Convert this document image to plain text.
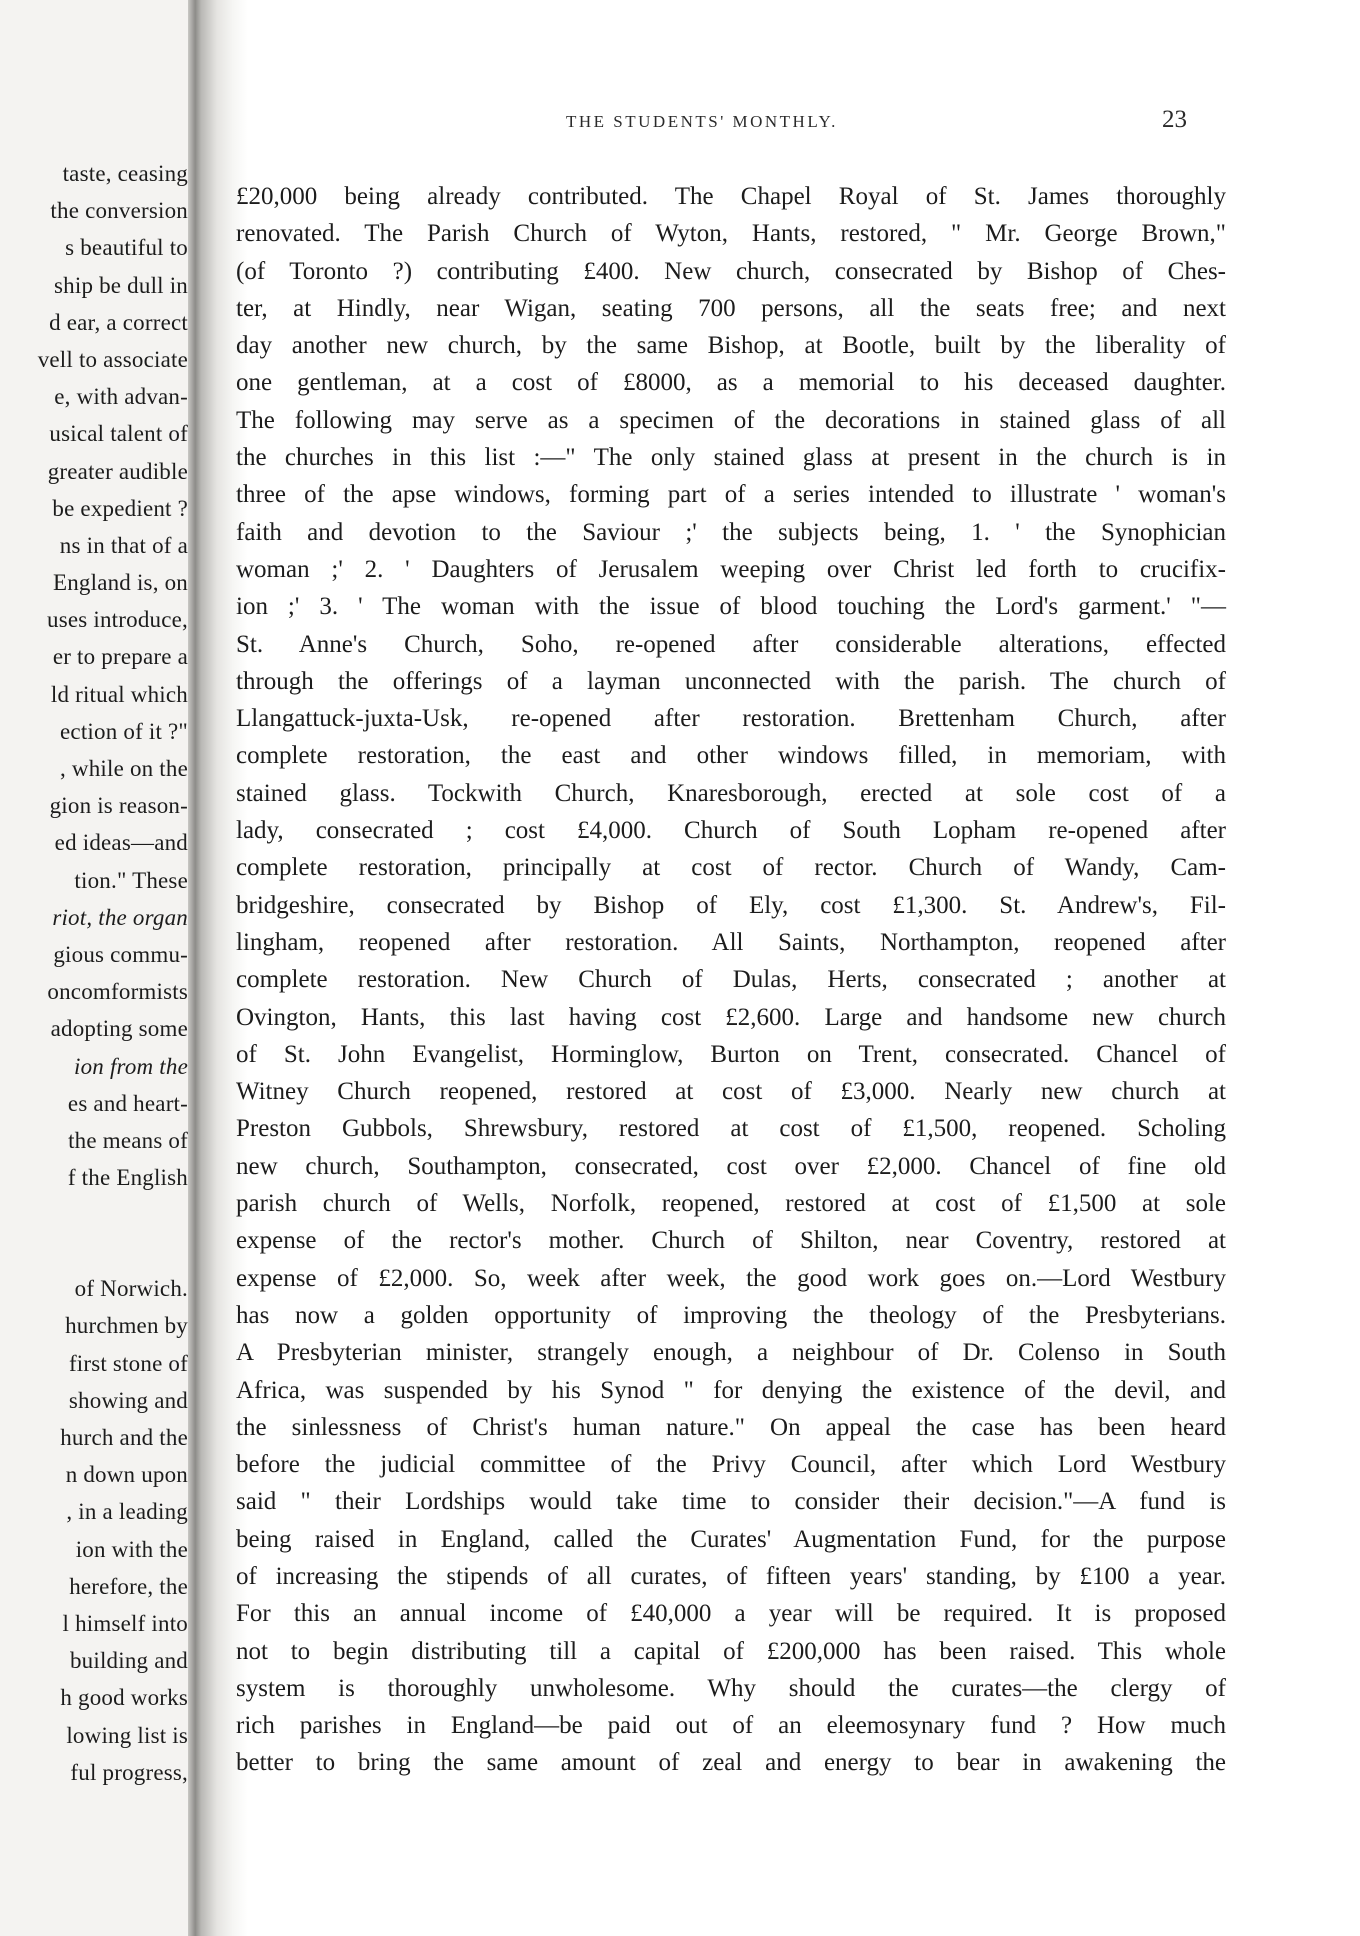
taste, ceasing
the conversion
s beautiful to
ship be dull in
d ear, a correct
vell to associate
e, with advan-
usical talent of
greater audible
be expedient ?
ns in that of a
England is, on
uses introduce,
er to prepare a
ld ritual which
ection of it ?"
, while on the
gion is reason-
ed ideas—and
tion." These
riot, the organ
gious commu-
oncomformists
adopting some
ion from the
es and heart-
the means of
f the English
of Norwich.
hurchmen by
first stone of
showing and
hurch and the
n down upon
, in a leading
ion with the
herefore, the
l himself into
building and
h good works
lowing list is
ful progress,
THE STUDENTS' MONTHLY.	23
£20,000 being already contributed. The Chapel Royal of St. James thoroughly
renovated. The Parish Church of Wyton, Hants, restored, " Mr. George Brown,"
(of Toronto ?) contributing £400. New church, consecrated by Bishop of Ches-
ter, at Hindly, near Wigan, seating 700 persons, all the seats free; and next
day another new church, by the same Bishop, at Bootle, built by the liberality of
one gentleman, at a cost of £8000, as a memorial to his deceased daughter.
The following may serve as a specimen of the decorations in stained glass of all
the churches in this list :—" The only stained glass at present in the church is in
three of the apse windows, forming part of a series intended to illustrate ' woman's
faith and devotion to the Saviour ;' the subjects being, 1. ' the Synophician
woman ;' 2. ' Daughters of Jerusalem weeping over Christ led forth to crucifix-
ion ;' 3. ' The woman with the issue of blood touching the Lord's garment.' "—
St. Anne's Church, Soho, re-opened after considerable alterations, effected
through the offerings of a layman unconnected with the parish. The church of
Llangattuck-juxta-Usk, re-opened after restoration. Brettenham Church, after
complete restoration, the east and other windows filled, in memoriam, with
stained glass. Tockwith Church, Knaresborough, erected at sole cost of a
lady, consecrated ; cost £4,000. Church of South Lopham re-opened after
complete restoration, principally at cost of rector. Church of Wandy, Cam-
bridgeshire, consecrated by Bishop of Ely, cost £1,300. St. Andrew's, Fil-
lingham, reopened after restoration. All Saints, Northampton, reopened after
complete restoration. New Church of Dulas, Herts, consecrated ; another at
Ovington, Hants, this last having cost £2,600. Large and handsome new church
of St. John Evangelist, Horminglow, Burton on Trent, consecrated. Chancel of
Witney Church reopened, restored at cost of £3,000. Nearly new church at
Preston Gubbols, Shrewsbury, restored at cost of £1,500, reopened. Scholing
new church, Southampton, consecrated, cost over £2,000. Chancel of fine old
parish church of Wells, Norfolk, reopened, restored at cost of £1,500 at sole
expense of the rector's mother. Church of Shilton, near Coventry, restored at
expense of £2,000. So, week after week, the good work goes on.—Lord Westbury
has now a golden opportunity of improving the theology of the Presbyterians.
A Presbyterian minister, strangely enough, a neighbour of Dr. Colenso in South
Africa, was suspended by his Synod " for denying the existence of the devil, and
the sinlessness of Christ's human nature." On appeal the case has been heard
before the judicial committee of the Privy Council, after which Lord Westbury
said " their Lordships would take time to consider their decision."—A fund is
being raised in England, called the Curates' Augmentation Fund, for the purpose
of increasing the stipends of all curates, of fifteen years' standing, by £100 a year.
For this an annual income of £40,000 a year will be required. It is proposed
not to begin distributing till a capital of £200,000 has been raised. This whole
system is thoroughly unwholesome. Why should the curates—the clergy of
rich parishes in England—be paid out of an eleemosynary fund ? How much
better to bring the same amount of zeal and energy to bear in awakening the
